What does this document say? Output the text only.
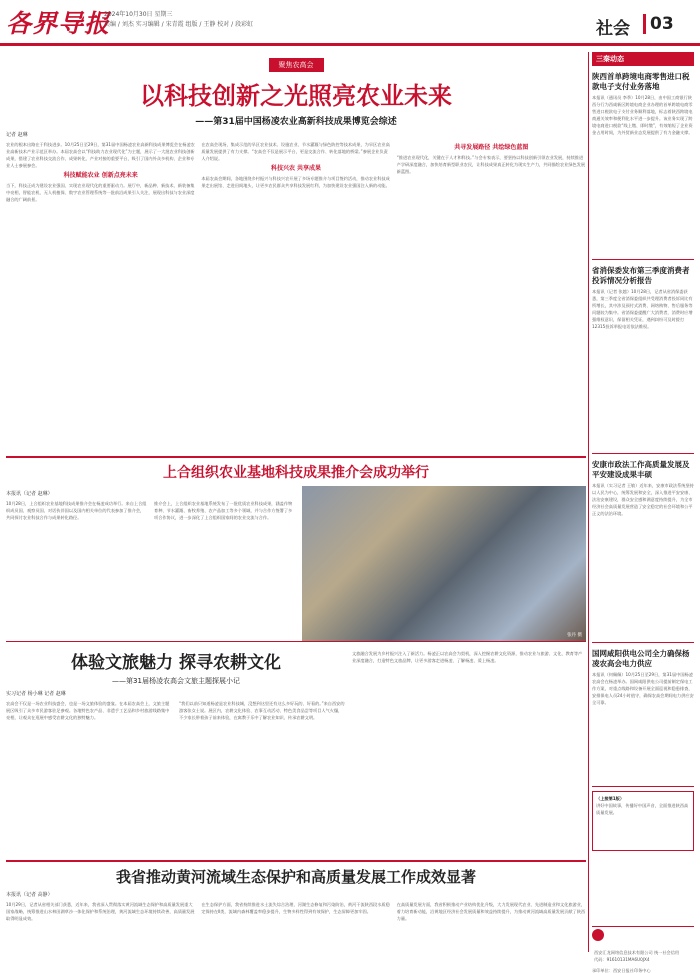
各界导报
2024年10月30日 星期三
美编 / 刘杰 实习编辑 / 宋青霞 组版 / 王静 校对 / 段彩虹	社会 03
聚焦农高会
以科技创新之光照亮农业未来
——第31届中国杨凌农业高新科技成果博览会综述
记者 赵琳

农业的根本出路在于科技进步。10月25日至29日，第31届中国杨凌农业高新科技成果博览会在杨凌农业高新技术产业示范区举办。本届农高会以“科技助力农业现代化”为主题，展示了一大批农业科技创新成果，搭建了农业科技交流合作、成果转化、产业对接的重要平台，吸引了国内外众多机构、企业和专业人士参展参会。

科技赋能农业 创新点亮未来

当下，科技正成为建设农业强国、实现农业现代化的重要驱动力。展厅中，新品种、新技术、新装备集中亮相，智能农机、无人机植保、数字农业管理系统等一批前沿成果引人关注，展现出科技与农业深度融合的广阔前景。

在农高会现场，集成示范的旱区农业技术、设施农业、节水灌溉与绿色防控等技术成果，为旱区农业高质量发展提供了有力支撑。“农高会不仅是展示平台，更是交流合作、转化落地的桥梁。”参展企业负责人介绍说。

科技兴农 共享成果

本届农高会期间，各地围绕乡村振兴与科技兴农开展了多场专题推介与项目签约活动，推动农业科技成果走出展馆、走进田间地头，让更多农民群众共享科技发展红利，为加快建设农业强国注入新的动能。

共寻发展路径 共绘绿色蓝图

“推进农业现代化，关键在于人才和科技。”与会专家表示，要坚持以科技创新引领农业发展，持续推进产学研深度融合，加快培育新型职业农民，让科技成果真正转化为现实生产力，共同描绘农业绿色发展新蓝图。

上合组织农业基地科技成果推介会成功举行
本报讯（记者 赵琳）
10月28日，上合组织农业基地科技成果推介会在杨凌成功举行。来自上合组织成员国、观察员国、对话伙伴国以及国内相关单位的代表参加了推介会，共同探讨农业科技合作与成果转化路径。
推介会上，上合组织农业基地系统发布了一批优质农业科技成果，涵盖作物育种、节水灌溉、畜牧养殖、农产品加工等多个领域，并与合作方签署了多项合作协议，进一步深化了上合组织国家间的农业交流与合作。
张丹 摄
体验文旅魅力 探寻农耕文化
——第31届杨凌农高会文旅主题探展小记
实习记者 杨小琳 记者 赵琳
农高会不仅是一场农业科技盛会，也是一场文旅体验的盛宴。在本届农高会上，文旅主题展区吸引了众多市民游客驻足参观。各地特色农产品、非遗手工艺品和乡村旅游线路集中亮相，让观众在逛展中感受农耕文化的独特魅力。
“我们以前只知道杨凌是农业科技城，没想到这里还有这么多好玩的、好看的。”来自西安的游客张女士说。展区内，农耕文化体验、农事互动活动、特色美食品尝等项目人气火爆，不少家长带着孩子前来体验，在寓教于乐中了解农业知识、传承农耕文明。
文旅融合发展为乡村振兴注入了新活力。杨凌正以农高会为契机，深入挖掘农耕文化资源，推动农业与旅游、文化、教育等产业深度融合，打造特色文旅品牌，让更多游客走进杨凌、了解杨凌、爱上杨凌。
我省推动黄河流域生态保护和高质量发展工作成效显著
本报讯（记者 高静）
10月29日，记者从省相关部门获悉，近年来，我省深入贯彻落实黄河流域生态保护和高质量发展重大国家战略，统筹推进山水林田湖草沙一体化保护和系统治理，黄河流域生态环境持续改善，高质量发展取得明显成效。
在生态保护方面，我省持续推进水土流失综合治理、河湖生态修复和污染防治，黄河干流陕西段水质稳定保持在Ⅱ类，流域内森林覆盖率稳步提升，生物多样性得到有效保护，生态屏障更加牢固。
在高质量发展方面，我省积极推动产业结构优化升级，大力发展现代农业、先进制造业和文化旅游业，着力培育新动能，沿黄地区经济社会发展质量和效益持续提升，为推动黄河流域高质量发展贡献了陕西力量。
三秦动态
陕西首单跨境电商零售进口税款电子支付业务落地
本报讯（通讯员 李季）10月28日，由中国工商银行陕西分行为西咸新区跨境电商企业办理的首单跨境电商零售进口税款电子支付业务顺利落地，标志着陕西跨境电商通关效率和便利化水平进一步提升。该业务实现了跨境电商进口税款“线上缴、即时缴”，有效缩短了企业资金占用时间，为外贸新业态发展提供了有力金融支撑。
省消保委发布第三季度消费者投诉情况分析报告
本报讯（记者 张越）10月28日，记者从省消保委获悉，第三季度全省消保委组织共受理消费者投诉同比有所增长，其中涉及预付式消费、网络购物、售后服务等问题较为集中。省消保委提醒广大消费者，消费时应增强维权意识，保留相关凭证，遇到纠纷可及时拨打12315投诉举报电话依法维权。
安康市政法工作高质量发展及平安建设成果丰硕
本报讯（实习记者 王敏）近年来，安康市政法系统坚持以人民为中心，统筹发展和安全，深入推进平安安康、法治安康建设，群众安全感和满意度持续提升，为全市经济社会高质量发展营造了安全稳定的社会环境和公平正义的法治环境。
国网咸阳供电公司全力确保杨凌农高会电力供应
本报讯（何佩佩）10月25日至29日，第31届中国杨凌农高会在杨凌举办。国网咸阳供电公司提前制定保电工作方案，对重点线路和设备开展全面巡视和隐患排查，安排保电人员24小时值守，确保农高会期间电力供应安全可靠。
（上接第1版）
讲好中国故事，传播好中国声音，全面推进陕西高质量发展。
西安汇龙网络信息技术有限公司 统一社会信用代码：91610131MA6U0JX4
承印单位：西安日报社印务中心
